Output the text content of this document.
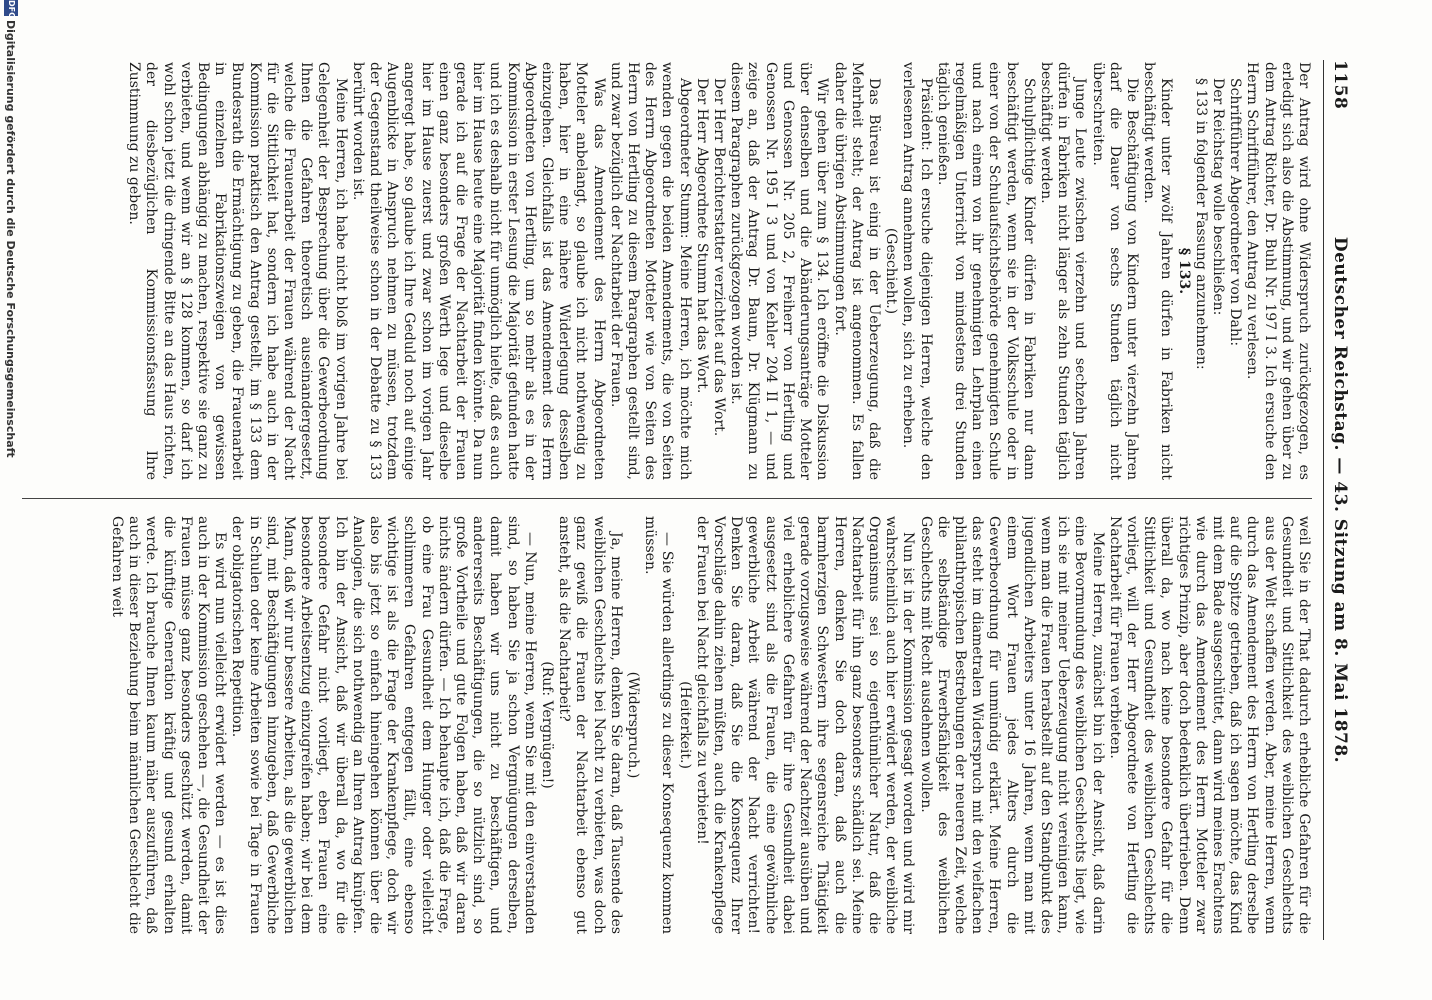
1158
Deutscher Reichstag. — 43. Sitzung am 8. Mai 1878.

Der Antrag wird ohne Widerspruch zurückgezogen, es erledigt sich also die Abstimmung, und wir gehen über zu dem Antrag Richter, Dr. Buhl Nr. 197 I 3. Ich ersuche den Herrn Schriftführer, den Antrag zu verlesen.

Schriftführer Abgeordneter von Dahl:

Der Reichstag wolle beschließen:

§ 133 in folgender Fassung anzunehmen:

§ 133.

Kinder unter zwölf Jahren dürfen in Fabriken nicht beschäftigt werden.

Die Beschäftigung von Kindern unter vierzehn Jahren darf die Dauer von sechs Stunden täglich nicht überschreiten.

Junge Leute zwischen vierzehn und sechzehn Jahren dürfen in Fabriken nicht länger als zehn Stunden täglich beschäftigt werden.

Schulpflichtige Kinder dürfen in Fabriken nur dann beschäftigt werden, wenn sie in der Volksschule oder in einer von der Schulaufsichtsbehörde genehmigten Schule und nach einem von ihr genehmigten Lehrplan einen regelmäßigen Unterricht von mindestens drei Stunden täglich genießen.

Präsident: Ich ersuche diejenigen Herren, welche den verlesenen Antrag annehmen wollen, sich zu erheben.

(Geschieht.)

Das Büreau ist einig in der Ueberzeugung, daß die Mehrheit steht; der Antrag ist angenommen. Es fallen daher die übrigen Abstimmungen fort.

Wir gehen über zum § 134. Ich eröffne die Diskussion über denselben und die Abänderungsanträge Motteler und Genossen Nr. 205 2, Freiherr von Hertling und Genossen Nr. 195 I 3 und von Kehler 204 II 1, — und zeige an, daß der Antrag Dr. Baum, Dr. Klügmann zu diesem Paragraphen zurückgezogen worden ist.

Der Herr Berichterstatter verzichtet auf das Wort.

Der Herr Abgeordnete Stumm hat das Wort.

Abgeordneter Stumm: Meine Herren, ich möchte mich wenden gegen die beiden Amendements, die von Seiten des Herrn Abgeordneten Motteler wie von Seiten des Herrn von Hertling zu diesem Paragraphen gestellt sind, und zwar bezüglich der Nachtarbeit der Frauen.

Was das Amendement des Herrn Abgeordneten Motteler anbelangt, so glaube ich nicht nothwendig zu haben, hier in eine nähere Widerlegung desselben einzugehen. Gleichfalls ist das Amendement des Herrn Abgeordneten von Hertling, um so mehr als es in der Kommission in erster Lesung die Majorität gefunden hatte und ich es deshalb nicht für unmöglich hielte, daß es auch hier im Hause heute eine Majorität finden könnte. Da nun gerade ich auf die Frage der Nachtarbeit der Frauen einen ganz besonders großen Werth lege und dieselbe hier im Hause zuerst und zwar schon im vorigen Jahr angeregt habe, so glaube ich Ihre Geduld noch auf einige Augenblicke in Anspruch nehmen zu müssen, trotzdem der Gegenstand theilweise schon in der Debatte zu § 133 berührt worden ist.

Meine Herren, ich habe nicht bloß im vorigen Jahre bei Gelegenheit der Besprechung über die Gewerbeordnung Ihnen die Gefahren theoretisch auseinandergesetzt, welche die Frauenarbeit der Frauen während der Nacht für die Sittlichkeit hat, sondern ich habe auch in der Kommission praktisch den Antrag gestellt, im § 133 dem Bundesrath die Ermächtigung zu geben, die Frauenarbeit in einzelnen Fabrikationszweigen von gewissen Bedingungen abhängig zu machen, respektive sie ganz zu verbieten, und wenn wir an § 128 kommen, so darf ich wohl schon jetzt die dringende Bitte an das Haus richten, der diesbezüglichen Kommissionsfassung Ihre Zustimmung zu geben.

weil Sie in der That dadurch erhebliche Gefahren für die Gesundheit und Sittlichkeit des weiblichen Geschlechts aus der Welt schaffen werden. Aber, meine Herren, wenn durch das Amendement des Herrn von Hertling derselbe auf die Spitze getrieben, daß ich sagen möchte, das Kind mit dem Bade ausgeschüttet, dann wird meines Erachtens wie durch das Amendement des Herrn Motteler zwar richtiges Prinzip, aber doch bedenklich übertrieben. Denn überall da, wo nach keine besondere Gefahr für die Sittlichkeit und Gesundheit des weiblichen Geschlechts vorliegt, will der Herr Abgeordnete von Hertling die Nachtarbeit für Frauen verbieten.

Meine Herren, zunächst bin ich der Ansicht, daß darin eine Bevormundung des weiblichen Geschlechts liegt, wie ich sie mit meiner Ueberzeugung nicht vereinigen kann, wenn man die Frauen herabstellt auf den Standpunkt des jugendlichen Arbeiters unter 16 Jahren, wenn man mit einem Wort Frauen jedes Alters durch die Gewerbeordnung für unmündig erklärt. Meine Herren, das steht im diametralen Widerspruch mit den vielfachen philanthropischen Bestrebungen der neueren Zeit, welche die selbständige Erwerbsfähigkeit des weiblichen Geschlechts mit Recht ausdehnen wollen.

Nun ist in der Kommission gesagt worden und wird mir wahrscheinlich auch hier erwidert werden, der weibliche Organismus sei so eigenthümlicher Natur, daß die Nachtarbeit für ihn ganz besonders schädlich sei. Meine Herren, denken Sie doch daran, daß auch die barmherzigen Schwestern ihre segensreiche Thätigkeit gerade vorzugsweise während der Nachtzeit ausüben und viel erheblichere Gefahren für ihre Gesundheit dabei ausgesetzt sind als die Frauen, die eine gewöhnliche gewerbliche Arbeit während der Nacht verrichten! Denken Sie daran, daß Sie die Konsequenz Ihrer Vorschläge dahin ziehen müßten, auch die Krankenpflege der Frauen bei Nacht gleichfalls zu verbieten!

(Heiterkeit.)

— Sie würden allerdings zu dieser Konsequenz kommen müssen.

(Widerspruch.)

Ja, meine Herren, denken Sie daran, daß Tausende des weiblichen Geschlechts bei Nacht zu verbieten, was doch ganz gewiß die Frauen der Nachtarbeit ebenso gut ansteht, als die Nachtarbeit?

(Ruf: Vergnügen!)

— Nun, meine Herren, wenn Sie mit den einverstanden sind, so haben Sie ja schon Vergnügungen derselben, damit haben wir uns nicht zu beschäftigen, und andererseits Beschäftigungen, die so nützlich sind, so große Vortheile und gute Folgen haben, daß wir daran nichts ändern dürfen. — Ich behaupte ich, daß die Frage, ob eine Frau Gesundheit dem Hunger oder vielleicht schlimmeren Gefahren entgegen fällt, eine ebenso wichtige ist als die Frage der Krankenpflege, doch wir also bis jetzt so einfach hineingehen können über die Analogien, die sich nothwendig an Ihren Antrag knüpfen. Ich bin der Ansicht, daß wir überall da, wo für die besondere Gefahr nicht vorliegt, eben Frauen eine besondere Arbeitsentzug einzugreifen haben; wir bei dem Mann, daß wir nur bessere Arbeiten, als die gewerblichen sind, mit Beschäftigungen hinzugeben, daß Gewerbliche in Schulen oder keine Arbeiten sowie bei Tage in Frauen der obligatorischen Repetition.

Es wird nun vielleicht erwidert werden — es ist dies auch in der Kommission geschehen —, die Gesundheit der Frauen müsse ganz besonders geschützt werden, damit die künftige Generation kräftig und gesund erhalten werde. Ich brauche Ihnen kaum näher auszuführen, daß auch in dieser Beziehung beim männlichen Geschlecht die Gefahren weit

DFG
Digitalisierung gefördert durch die Deutsche Forschungsgemeinschaft
